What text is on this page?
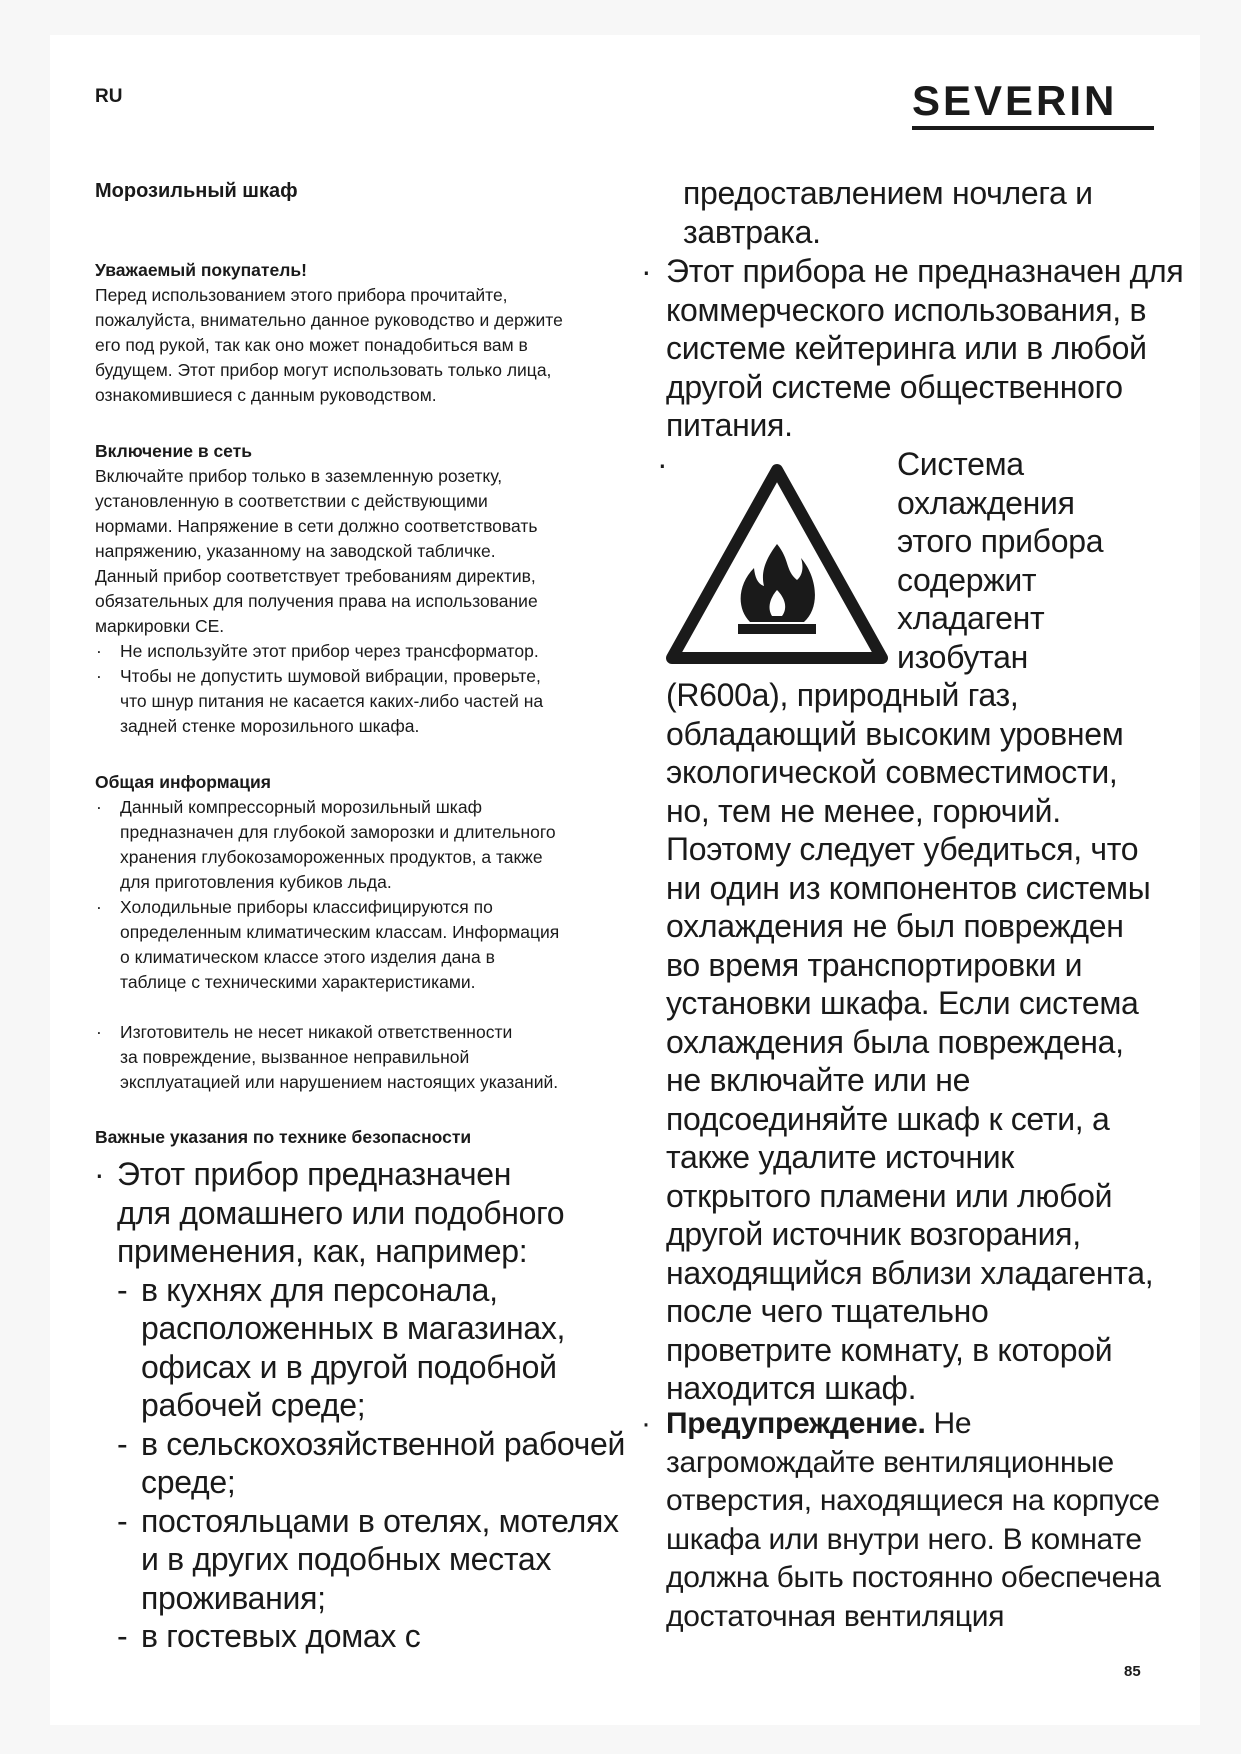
RU	SEVERIN
Морозильный шкаф
Уважаемый покупатель!
Перед использованием этого прибора прочитайте,
пожалуйста, внимательно данное руководство и держите
его под рукой, так как оно может понадобиться вам в
будущем. Этот прибор могут использовать только лица,
ознакомившиеся с данным руководством.
Включение в сеть
Включайте прибор только в заземленную розетку,
установленную в соответствии с действующими
нормами. Напряжение в сети должно соответствовать
напряжению, указанному на заводской табличке.
Данный прибор соответствует требованиям директив,
обязательных для получения права на использование
маркировки CE.
· Не используйте этот прибор через трансформатор.
· Чтобы не допустить шумовой вибрации, проверьте,
что шнур питания не касается каких-либо частей на
задней стенке морозильного шкафа.
Общая информация
· Данный компрессорный морозильный шкаф
предназначен для глубокой заморозки и длительного
хранения глубокозамороженных продуктов, а также
для приготовления кубиков льда.
· Холодильные приборы классифицируются по
определенным климатическим классам. Информация
о климатическом классе этого изделия дана в
таблице с техническими характеристиками.
· Изготовитель не несет никакой ответственности
за повреждение, вызванное неправильной
эксплуатацией или нарушением настоящих указаний.
Важные указания по технике безопасности
· Этот прибор предназначен
для домашнего или подобного
применения, как, например:
- в кухнях для персонала,
расположенных в магазинах,
офисах и в другой подобной
рабочей среде;
- в сельскохозяйственной рабочей
среде;
- постояльцами в отелях, мотелях
и в других подобных местах
проживания;
- в гостевых домах с
предоставлением ночлега и
завтрака.
· Этот прибора не предназначен для
коммерческого использования, в
системе кейтеринга или в любой
другой системе общественного
питания.
·	Система
охлаждения
этого прибора
содержит
хладагент
изобутан
(R600a), природный газ,
обладающий высоким уровнем
экологической совместимости,
но, тем не менее, горючий.
Поэтому следует убедиться, что
ни один из компонентов системы
охлаждения не был поврежден
во время транспортировки и
установки шкафа. Если система
охлаждения была повреждена,
не включайте или не
подсоединяйте шкаф к сети, а
также удалите источник
открытого пламени или любой
другой источник возгорания,
находящийся вблизи хладагента,
после чего тщательно
проветрите комнату, в которой
находится шкаф.
· Предупреждение. Не
загромождайте вентиляционные
отверстия, находящиеся на корпусе
шкафа или внутри него. В комнате
должна быть постоянно обеспечена
достаточная вентиляция
85
